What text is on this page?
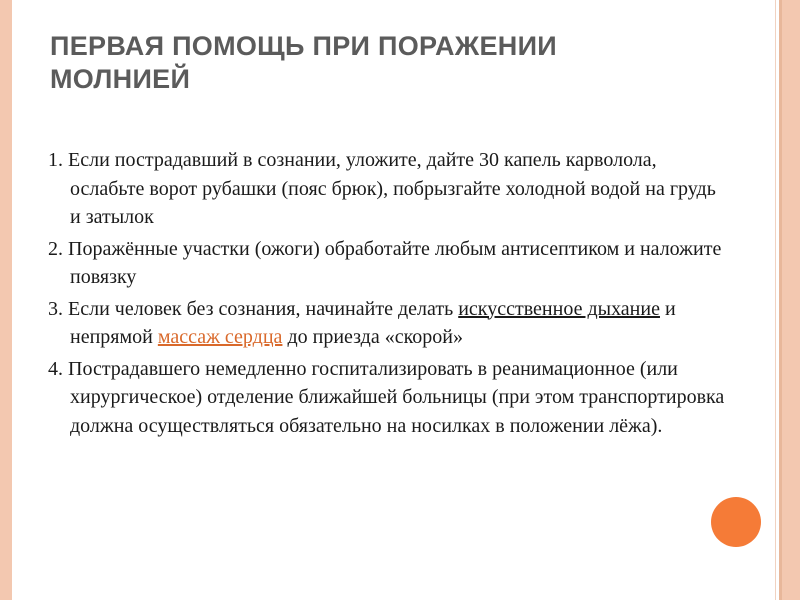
ПЕРВАЯ ПОМОЩЬ ПРИ ПОРАЖЕНИИ
МОЛНИЕЙ
1. Если пострадавший в сознании, уложите, дайте 30 капель карволола, ослабьте ворот рубашки (пояс брюк), побрызгайте холодной водой на грудь и затылок
2. Поражённые участки (ожоги) обработайте любым антисептиком и наложите повязку
3. Если человек без сознания, начинайте делать искусственное дыхание и непрямой массаж сердца до приезда «скорой»
4. Пострадавшего немедленно госпитализировать в реанимационное (или хирургическое) отделение ближайшей больницы (при этом транспортировка должна осуществляться обязательно на носилках в положении лёжа).
